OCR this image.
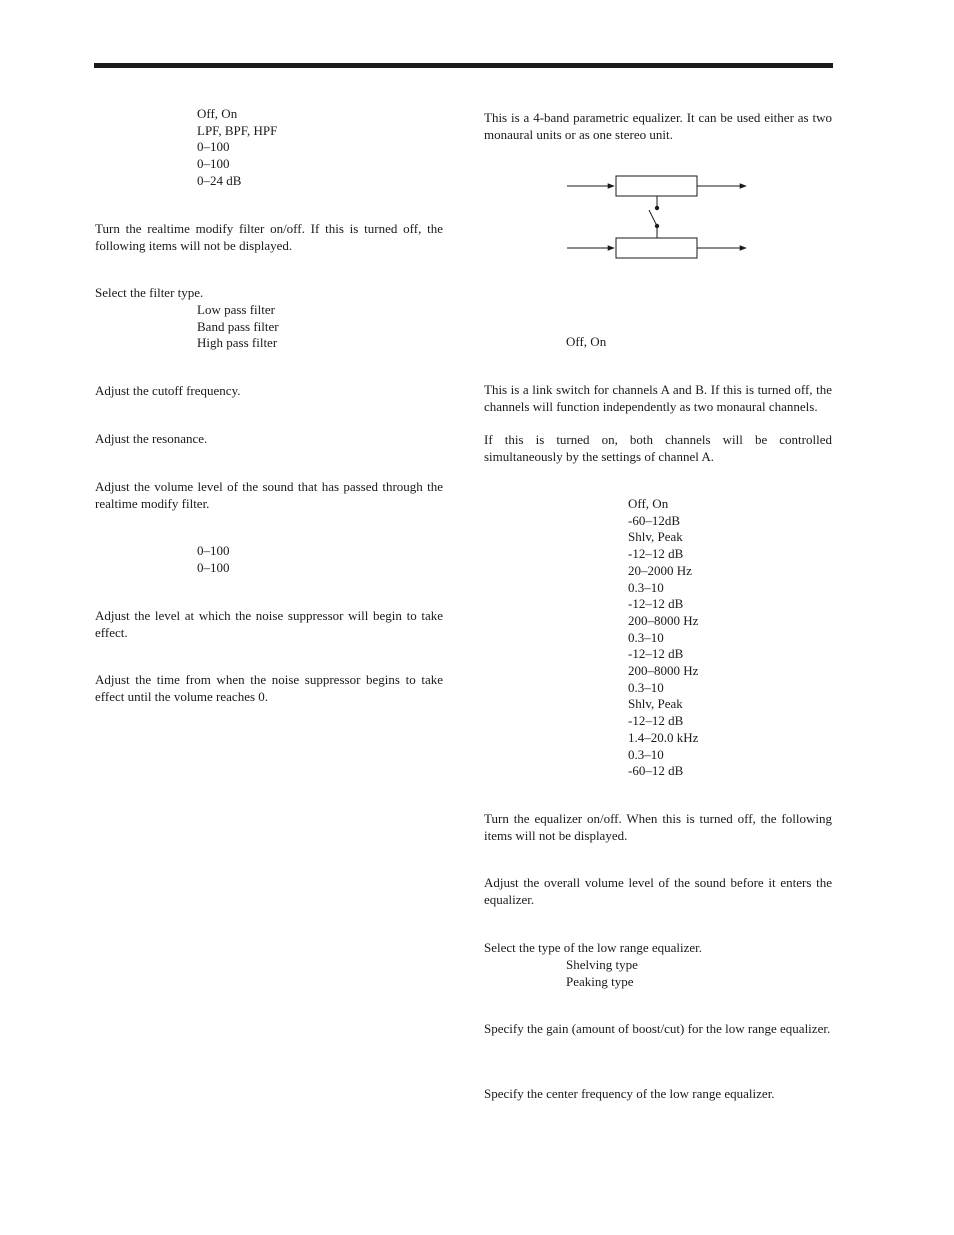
Off, On
LPF, BPF, HPF
0–100
0–100
0–24 dB
Turn the realtime modify filter on/off. If this is turned off, the following items will not be displayed.
Select the filter type.
Low pass filter
Band pass filter
High pass filter
Adjust the cutoff frequency.
Adjust the resonance.
Adjust the volume level of the sound that has passed through the realtime modify filter.
0–100
0–100
Adjust the level at which the noise suppressor will begin to take effect.
Adjust the time from when the noise suppressor begins to take effect until the volume reaches 0.
This is a 4-band parametric equalizer. It can be used either as two monaural units or as one stereo unit.
Off, On
This is a link switch for channels A and B. If this is turned off, the channels will function independently as two monaural channels.
If this is turned on, both channels will be controlled simultaneously by the settings of channel A.
Off, On
-60–12dB
Shlv, Peak
-12–12 dB
20–2000 Hz
0.3–10
-12–12 dB
200–8000 Hz
0.3–10
-12–12 dB
200–8000 Hz
0.3–10
Shlv, Peak
-12–12 dB
1.4–20.0 kHz
0.3–10
-60–12 dB
Turn the equalizer on/off. When this is turned off, the following items will not be displayed.
Adjust the overall volume level of the sound before it enters the equalizer.
Select the type of the low range equalizer.
Shelving type
Peaking type
Specify the gain (amount of boost/cut) for the low range equalizer.
Specify the center frequency of the low range equalizer.
